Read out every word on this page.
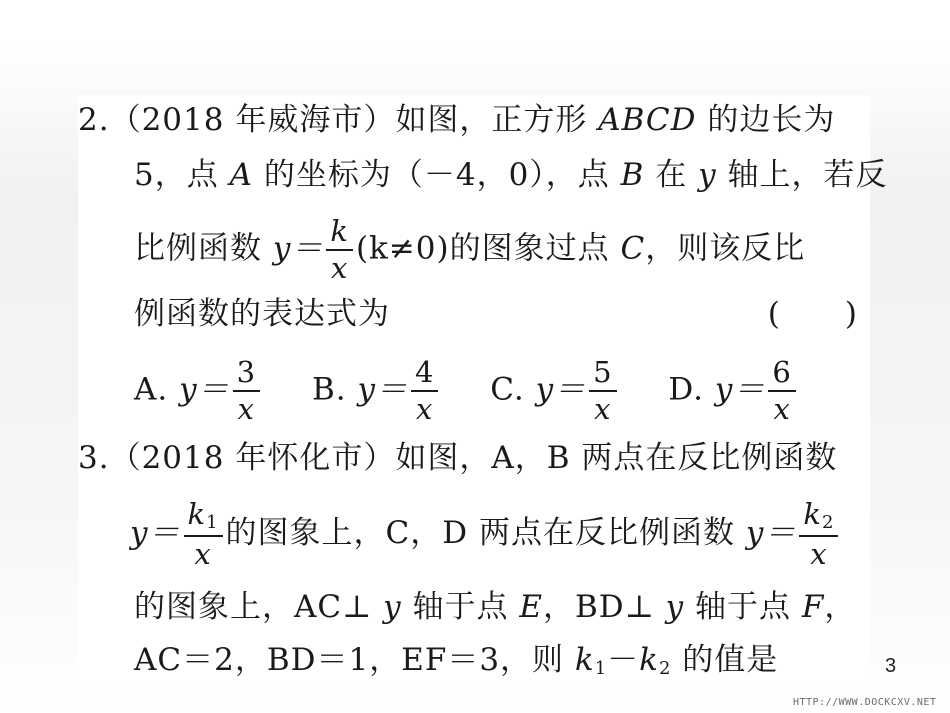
2.（2018 年威海市）如图，正方形 ABCD 的边长为
5，点 A 的坐标为（－4，0），点 B 在 y 轴上，若反
比例函数 $y= \frac{k}{x} (k\ne 0)$的图象过点 C，则该反比
例函数的表达式为	(　　)
A. $y= \frac{3}{x} B$. $y= \frac{4}{x} C$. $y= \frac{5}{x} D$. $y= \frac{6}{x}$
3.（2018 年怀化市）如图，A，B 两点在反比例函数
$y= \frac{k_1}{x}$ 的图象上，C，D 两点在反比例函数 $y= \frac{k_2}{x}$
的图象上，AC⊥ y 轴于点 E，BD⊥ y 轴于点 F，
AC＝2，BD＝1，EF＝3，则 $k_1-k_2$ 的值是	3
HTTP://WWW.DOCKCXV.NET
